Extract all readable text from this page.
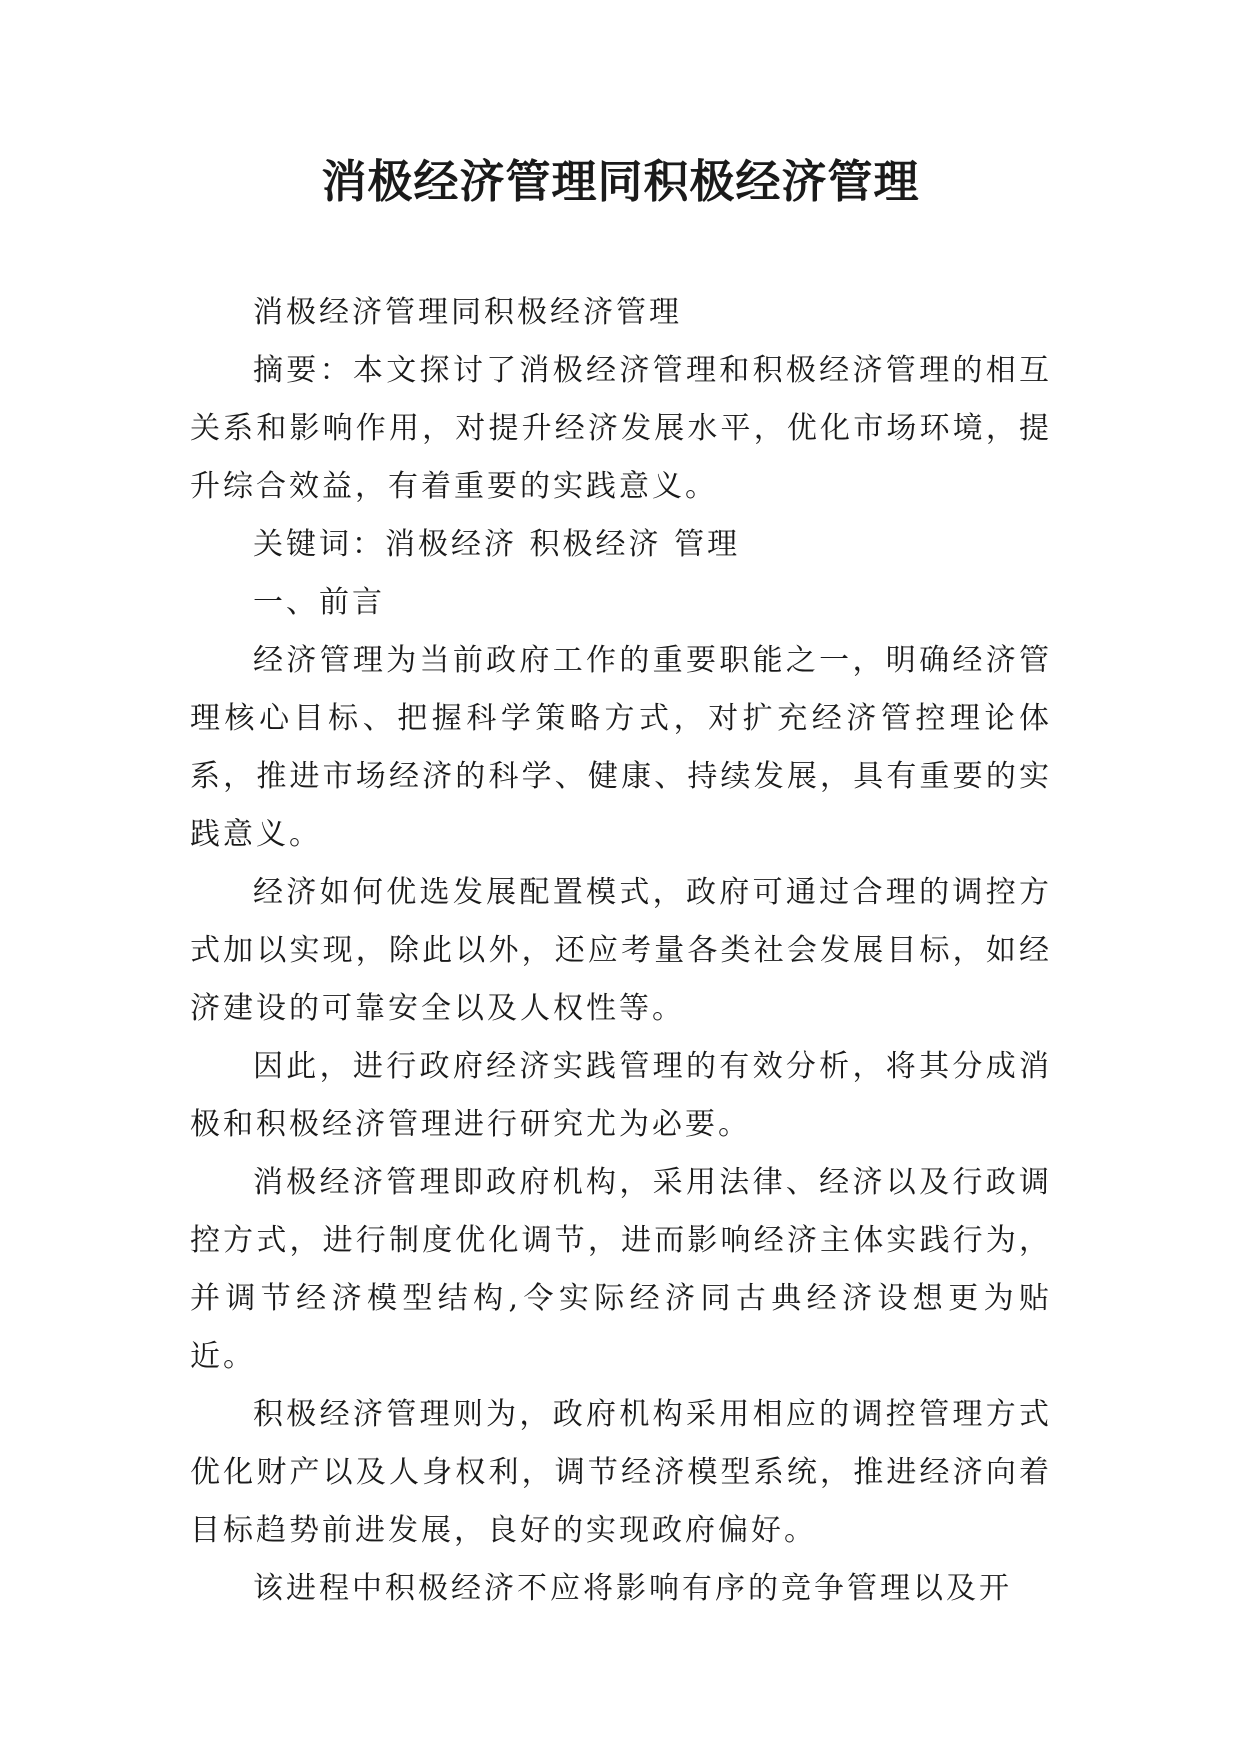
消极经济管理同积极经济管理

消极经济管理同积极经济管理

摘要：本文探讨了消极经济管理和积极经济管理的相互关系和影响作用，对提升经济发展水平，优化市场环境，提升综合效益，有着重要的实践意义。

关键词：消极经济 积极经济 管理

一、前言

经济管理为当前政府工作的重要职能之一，明确经济管理核心目标、把握科学策略方式，对扩充经济管控理论体系，推进市场经济的科学、健康、持续发展，具有重要的实践意义。

经济如何优选发展配置模式，政府可通过合理的调控方式加以实现，除此以外，还应考量各类社会发展目标，如经济建设的可靠安全以及人权性等。

因此，进行政府经济实践管理的有效分析，将其分成消极和积极经济管理进行研究尤为必要。

消极经济管理即政府机构，采用法律、经济以及行政调控方式，进行制度优化调节，进而影响经济主体实践行为，并调节经济模型结构,令实际经济同古典经济设想更为贴近。

积极经济管理则为，政府机构采用相应的调控管理方式优化财产以及人身权利，调节经济模型系统，推进经济向着目标趋势前进发展，良好的实现政府偏好。

该进程中积极经济不应将影响有序的竞争管理以及开
